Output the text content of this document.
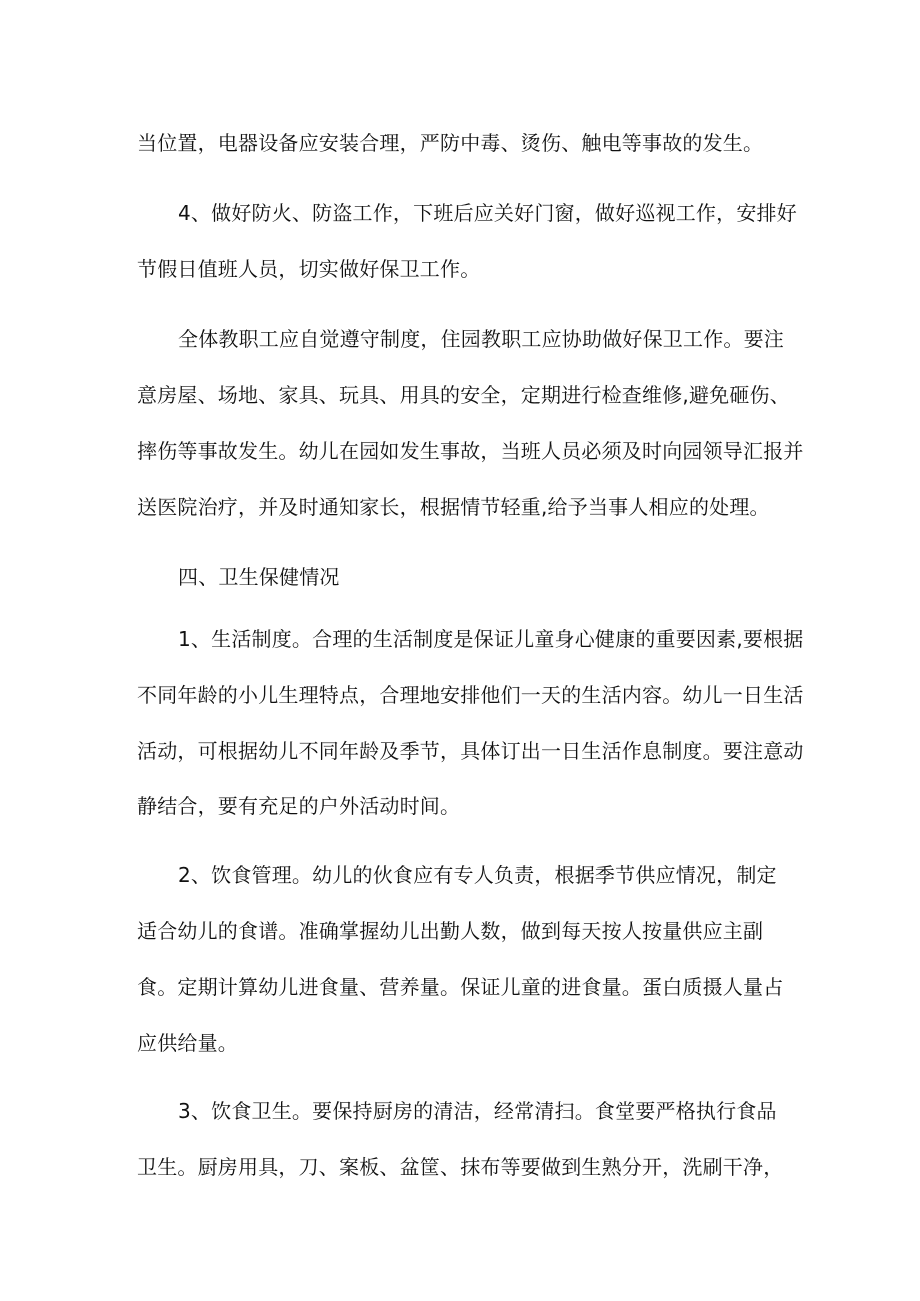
当位置，电器设备应安装合理，严防中毒、烫伤、触电等事故的发生。
4、做好防火、防盗工作，下班后应关好门窗，做好巡视工作，安排好
节假日值班人员，切实做好保卫工作。
全体教职工应自觉遵守制度，住园教职工应协助做好保卫工作。要注
意房屋、场地、家具、玩具、用具的安全，定期进行检查维修,避免砸伤、
摔伤等事故发生。幼儿在园如发生事故，当班人员必须及时向园领导汇报并
送医院治疗，并及时通知家长，根据情节轻重,给予当事人相应的处理。
四、卫生保健情况
1、生活制度。合理的生活制度是保证儿童身心健康的重要因素,要根据
不同年龄的小儿生理特点，合理地安排他们一天的生活内容。幼儿一日生活
活动，可根据幼儿不同年龄及季节，具体订出一日生活作息制度。要注意动
静结合，要有充足的户外活动时间。
2、饮食管理。幼儿的伙食应有专人负责，根据季节供应情况，制定
适合幼儿的食谱。准确掌握幼儿出勤人数，做到每天按人按量供应主副
食。定期计算幼儿进食量、营养量。保证儿童的进食量。蛋白质摄人量占
应供给量。
3、饮食卫生。要保持厨房的清洁，经常清扫。食堂要严格执行食品
卫生。厨房用具，刀、案板、盆筐、抹布等要做到生熟分开，洗刷干净，
